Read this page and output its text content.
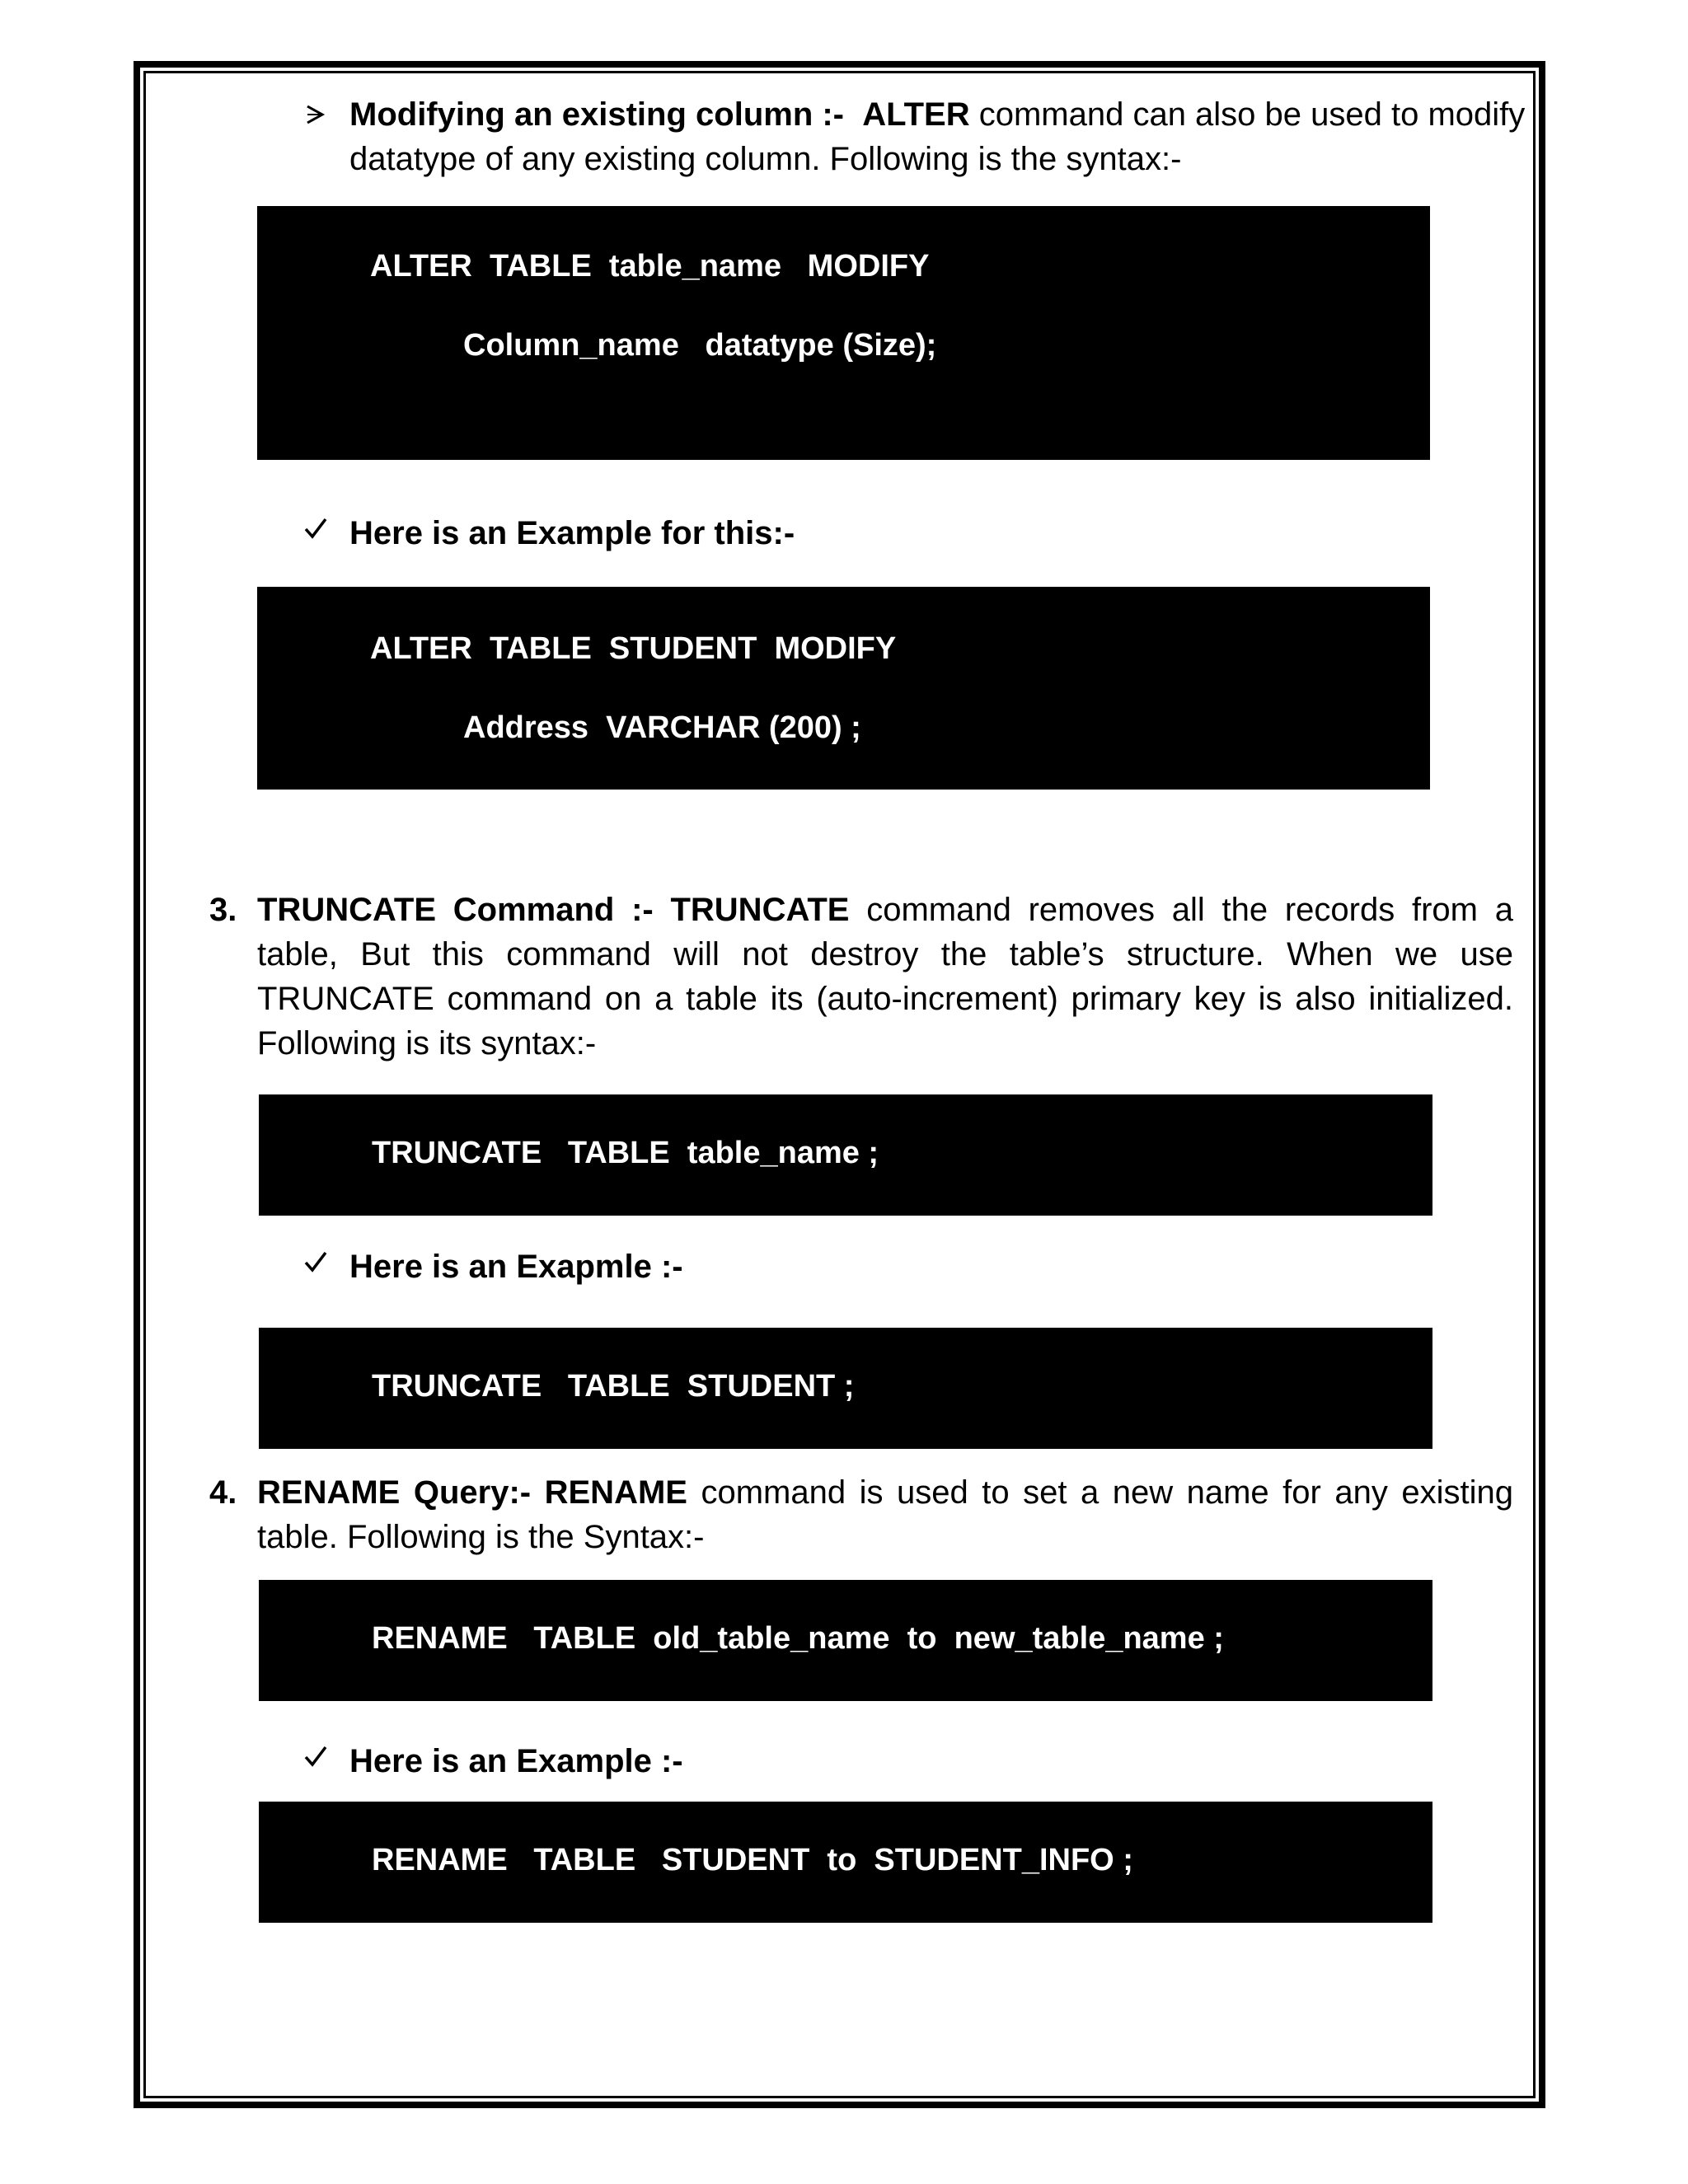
Modifying an existing column :- ALTER command can also be used to modify

datatype of any existing column. Following is the syntax:-

ALTER  TABLE  table_name   MODIFY
Column_name   datatype (Size);
Here is an Example for this:-
ALTER  TABLE  STUDENT  MODIFY
Address  VARCHAR (200) ;
3. TRUNCATE Command :- TRUNCATE command removes all the records from a table, But this command will not destroy the table’s structure. When we use TRUNCATE command on a table its (auto-increment) primary key is also initialized. Following is its syntax:-

TRUNCATE   TABLE  table_name ;
Here is an Exapmle :-
TRUNCATE   TABLE  STUDENT ;
4. RENAME Query:- RENAME command is used to set a new name for any existing table. Following is the Syntax:-

RENAME   TABLE  old_table_name  to  new_table_name ;
Here is an Example :-
RENAME   TABLE   STUDENT  to  STUDENT_INFO ;
